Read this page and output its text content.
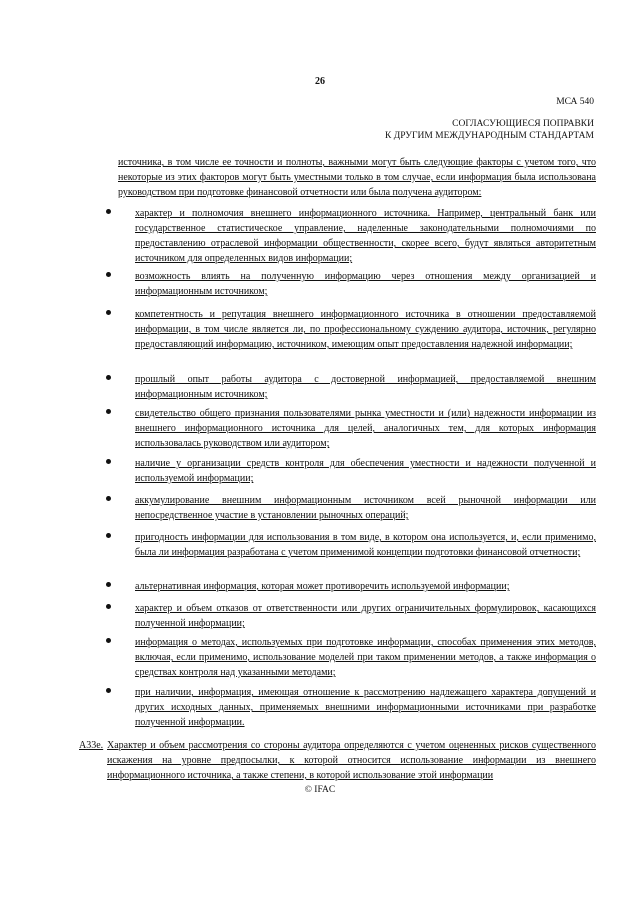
26
МСА 540
СОГЛАСУЮЩИЕСЯ ПОПРАВКИ
К ДРУГИМ МЕЖДУНАРОДНЫМ СТАНДАРТАМ
источника, в том числе ее точности и полноты, важными могут быть следующие факторы с учетом того, что некоторые из этих факторов могут быть уместными только в том случае, если информация была использована руководством при подготовке финансовой отчетности или была получена аудитором:
характер и полномочия внешнего информационного источника. Например, центральный банк или государственное статистическое управление, наделенные законодательными полномочиями по предоставлению отраслевой информации общественности, скорее всего, будут являться авторитетным источником для определенных видов информации;
возможность влиять на полученную информацию через отношения между организацией и информационным источником;
компетентность и репутация внешнего информационного источника в отношении предоставляемой информации, в том числе является ли, по профессиональному суждению аудитора, источник, регулярно предоставляющий информацию, источником, имеющим опыт предоставления надежной информации;
прошлый опыт работы аудитора с достоверной информацией, предоставляемой внешним информационным источником;
свидетельство общего признания пользователями рынка уместности и (или) надежности информации из внешнего информационного источника для целей, аналогичных тем, для которых информация использовалась руководством или аудитором;
наличие у организации средств контроля для обеспечения уместности и надежности полученной и используемой информации;
аккумулирование внешним информационным источником всей рыночной информации или непосредственное участие в установлении рыночных операций;
пригодность информации для использования в том виде, в котором она используется, и, если применимо, была ли информация разработана с учетом применимой концепции подготовки финансовой отчетности;
альтернативная информация, которая может противоречить используемой информации;
характер и объем отказов от ответственности или других ограничительных формулировок, касающихся полученной информации;
информация о методах, используемых при подготовке информации, способах применения этих методов, включая, если применимо, использование моделей при таком применении методов, а также информация о средствах контроля над указанными методами;
при наличии, информация, имеющая отношение к рассмотрению надлежащего характера допущений и других исходных данных, применяемых внешними информационными источниками при разработке полученной информации.
A33e. Характер и объем рассмотрения со стороны аудитора определяются с учетом оцененных рисков существенного искажения на уровне предпосылки, к которой относится использование информации из внешнего информационного источника, а также степени, в которой использование этой информации
© IFAC
